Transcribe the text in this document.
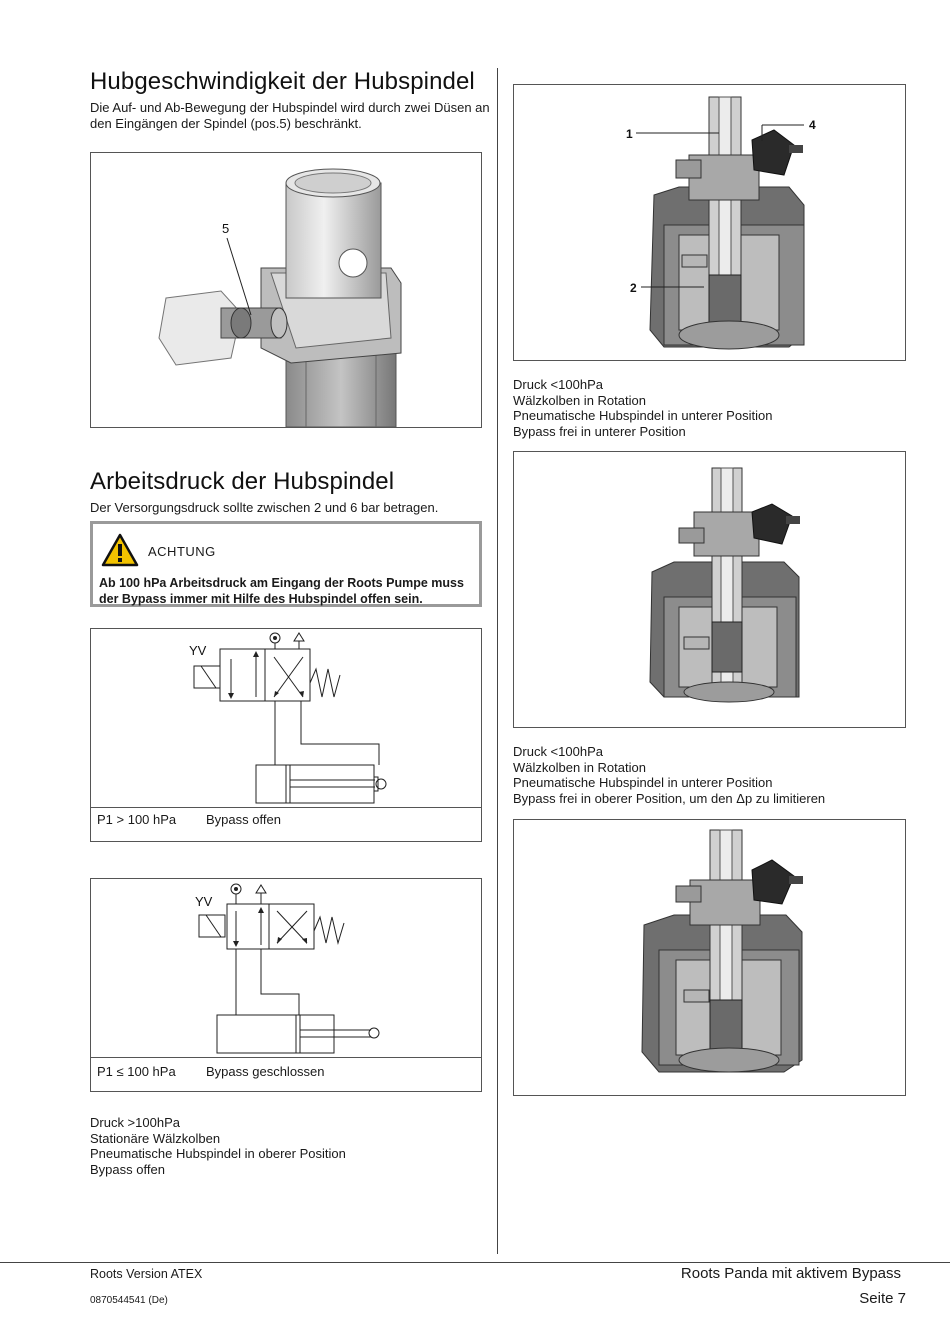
Hubgeschwindigkeit der Hubspindel
Die Auf- und Ab-Bewegung der Hubspindel wird durch zwei Düsen an den Eingängen der Spindel (pos.5) beschränkt.
5
Arbeitsdruck der Hubspindel
Der Versorgungsdruck sollte zwischen 2 und 6 bar betragen.
ACHTUNG
Ab 100 hPa Arbeitsdruck am Eingang der Roots Pumpe muss der Bypass immer mit Hilfe des Hubspindel offen sein.
YV
P1 > 100 hPa Bypass offen
YV
P1 ≤ 100 hPa Bypass geschlossen

Druck >100hPa

Stationäre Wälzkolben

Pneumatische Hubspindel in oberer Position

Bypass offen

1
4
2

Druck <100hPa

Wälzkolben in Rotation

Pneumatische Hubspindel in unterer Position

Bypass frei in unterer Position

Druck <100hPa

Wälzkolben in Rotation

Pneumatische Hubspindel in unterer Position

Bypass frei in oberer Position, um den Δp zu limitieren

Roots Version ATEX
0870544541 (De)
Roots Panda mit aktivem Bypass
Seite 7
